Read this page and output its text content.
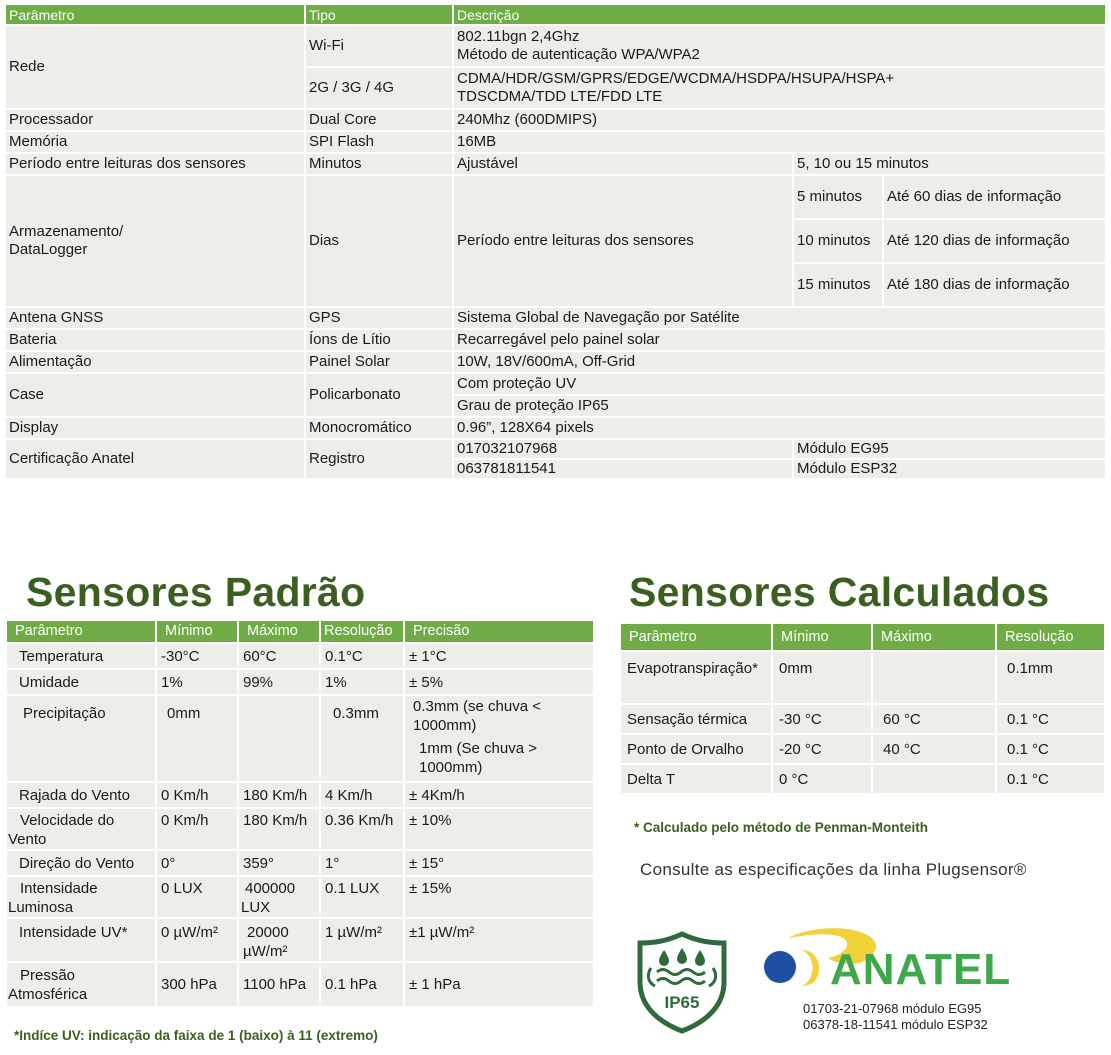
Parâmetro	Tipo	Descrição		
Rede	Wi-Fi	802.11bgn 2,4Ghz
Método de autenticação WPA/WPA2		

	2G / 3G / 4G	CDMA/HDR/GSM/GPRS/EDGE/WCDMA/HSDPA/HSUPA/HSPA+
TDSCDMA/TDD LTE/FDD LTE		

Processador	Dual Core	240Mhz (600DMIPS)		
Memória	SPI Flash	16MB		
Período entre leituras dos sensores	Minutos	Ajustável	5, 10 ou 15 minutos	

Armazenamento/
DataLogger	Dias	Período entre leituras dos sensores	5 minutos	Até 60 dias de informação
			10 minutos	Até 120 dias de informação
			15 minutos	Até 180 dias de informação
Antena GNSS	GPS	Sistema Global de Navegação por Satélite		
Bateria	Íons de Lítio	Recarregável pelo painel solar		
Alimentação	Painel Solar	10W, 18V/600mA, Off-Grid		
Case	Policarbonato	Com proteção UV		
		Grau de proteção IP65		
Display	Monocromático	0.96”, 128X64 pixels		
Certificação Anatel	Registro	017032107968	Módulo EG95	
		063781811541	Módulo ESP32	
Sensores Padrão
Parâmetro	Mínimo	Máximo	Resolução	Precisão
Temperatura	-30°C	60°C	0.1°C	± 1°C
Umidade	1%	99%	1%	± 5%
Precipitação	0mm		0.3mm	0.3mm (se chuva < 1000mm)
1mm (Se chuva > 1000mm)

Rajada do Vento	0 Km/h	180 Km/h	4 Km/h	± 4Km/h
Velocidade do Vento	0 Km/h	180 Km/h	0.36 Km/h	± 10%
Direção do Vento	0°	359°	1°	± 15°
Intensidade Luminosa	0 LUX	400000 LUX	0.1 LUX	± 15%
Intensidade UV*	0 µW/m²	20000 µW/m²	1 µW/m²	±1 µW/m²
Pressão Atmosférica	300 hPa	1100 hPa	0.1 hPa	± 1 hPa

*Indíce UV: indicação da faixa de 1 (baixo) à 11 (extremo)

Sensores Calculados
Parâmetro	Mínimo	Máximo	Resolução
Evapotranspiração*	0mm		0.1mm
Sensação térmica	-30 °C	60 °C	0.1 °C
Ponto de Orvalho	-20 °C	40 °C	0.1 °C
Delta T	0 °C		0.1 °C

* Calculado pelo método de Penman-Monteith

Consulte as especificações da linha Plugsensor®

IP65
ANATEL
01703-21-07968 módulo EG95
06378-18-11541 módulo ESP32
